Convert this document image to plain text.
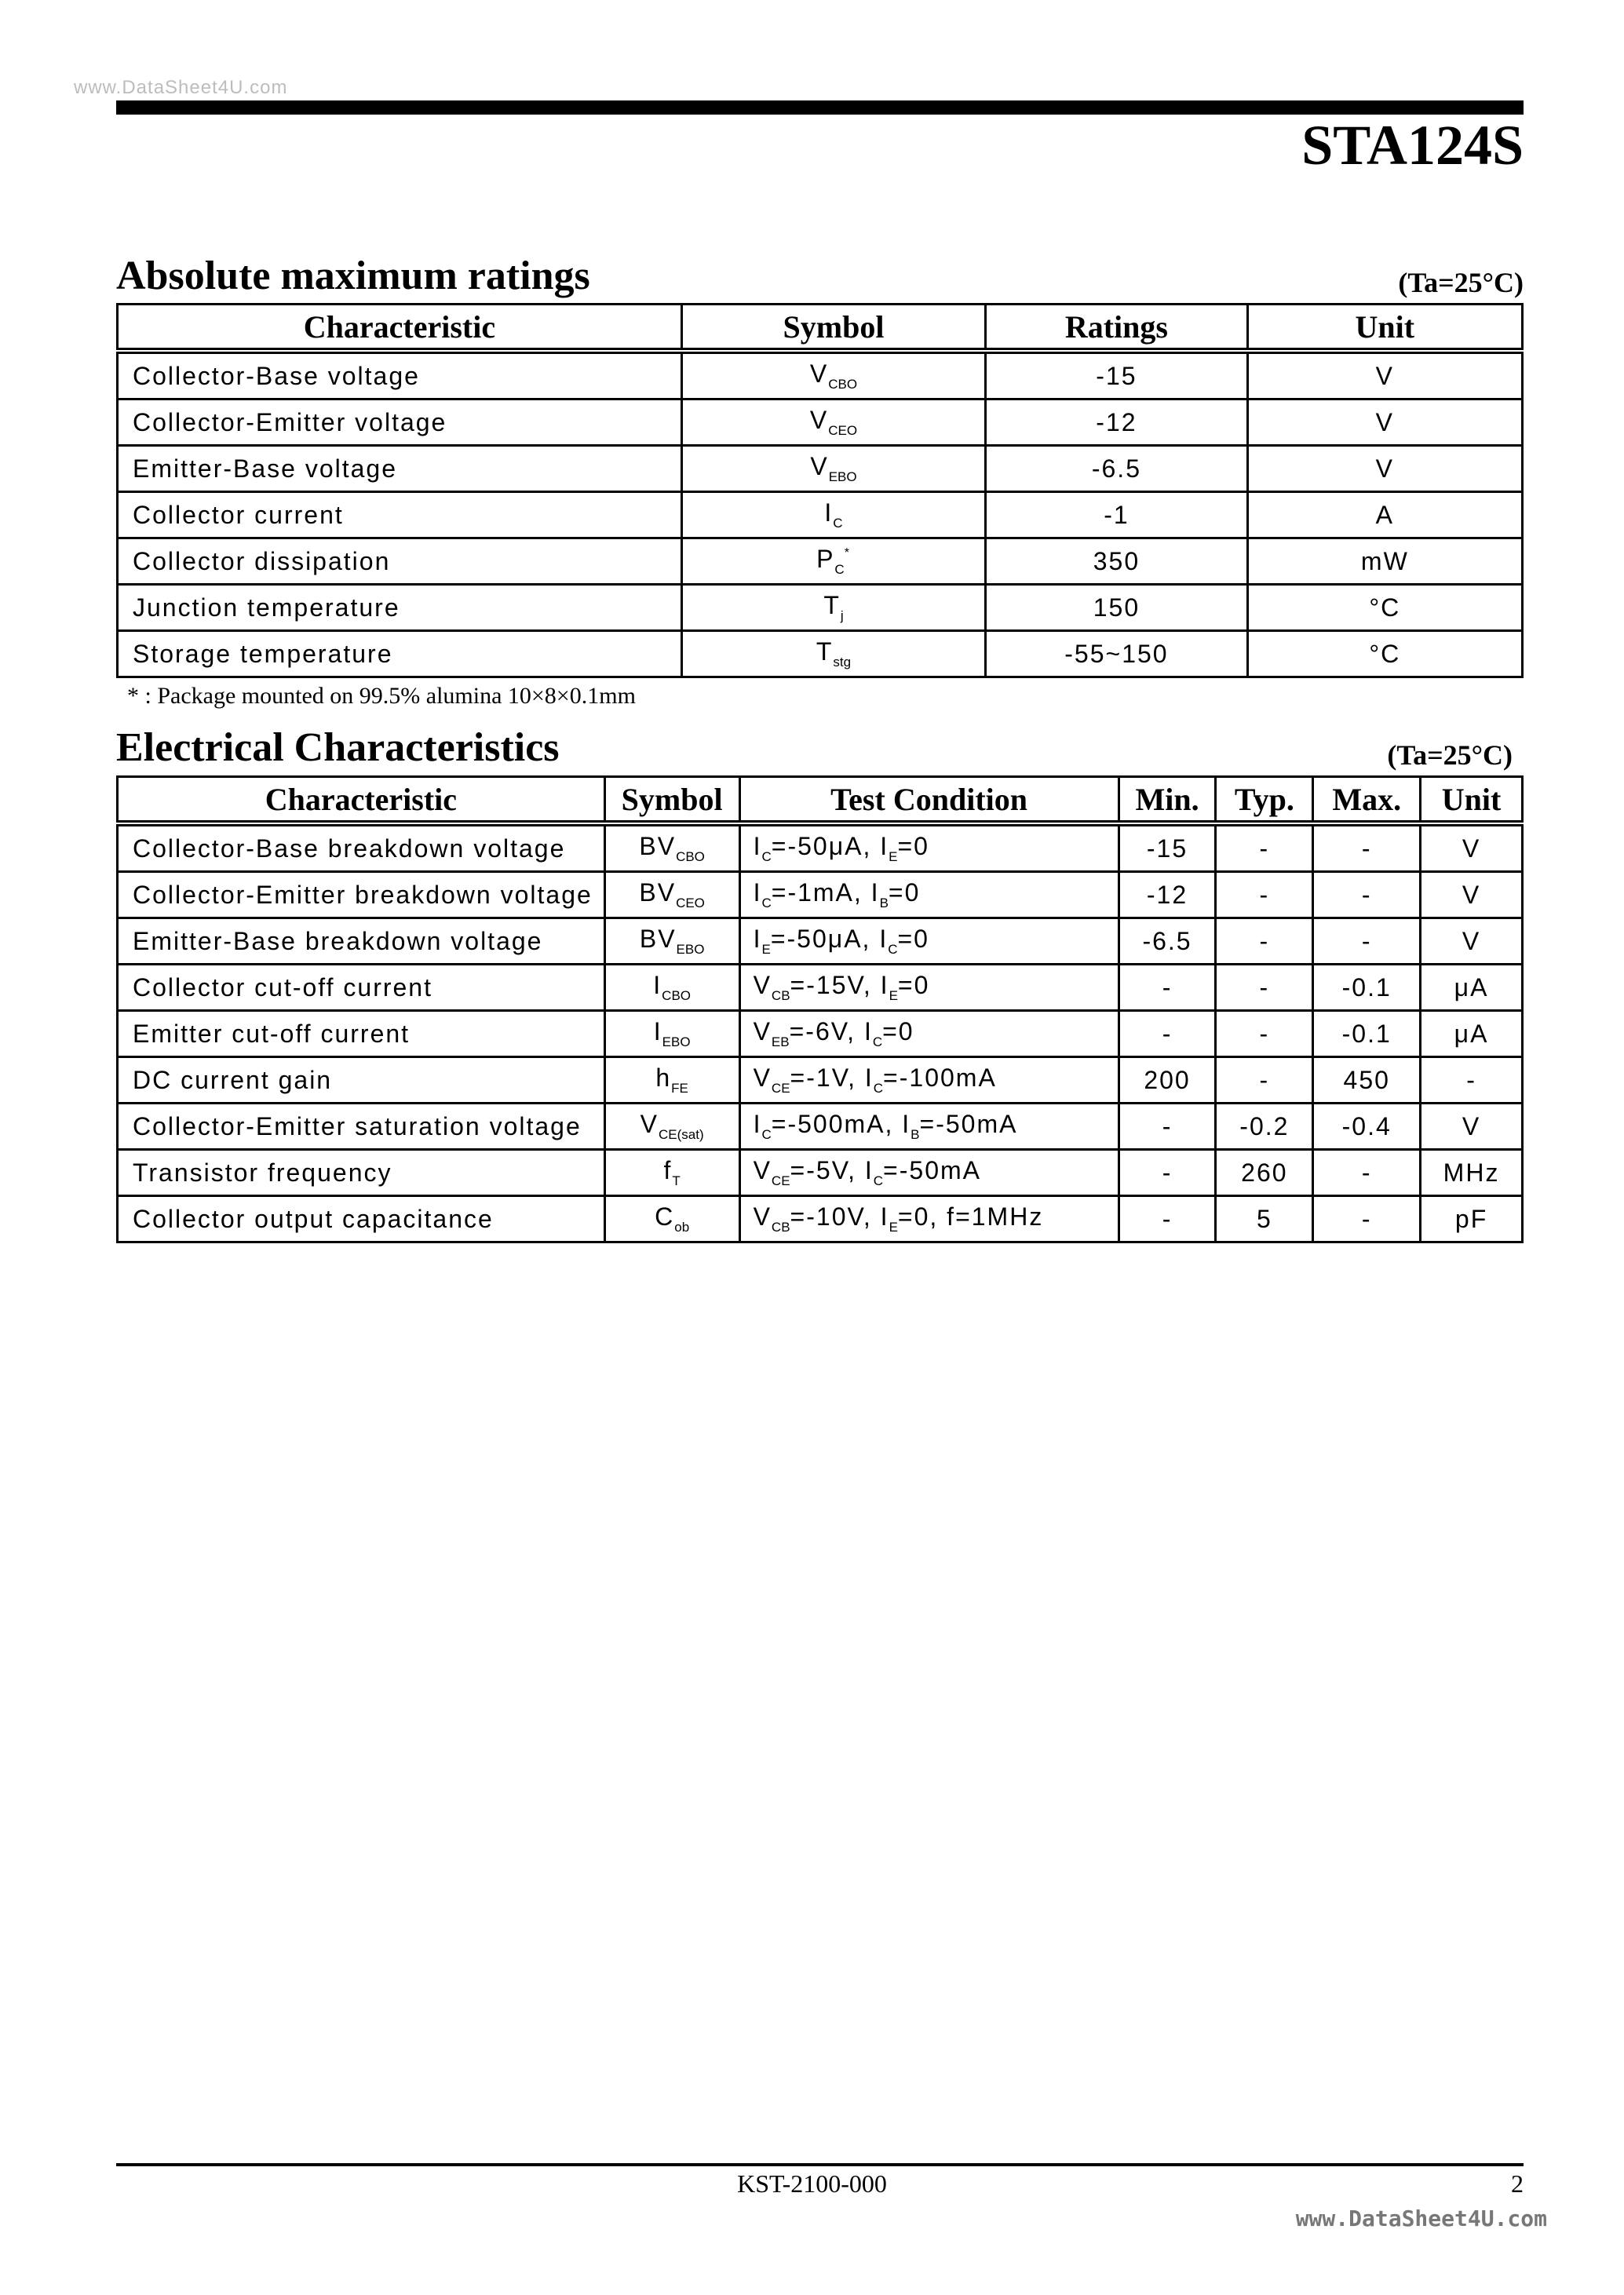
www.DataSheet4U.com
STA124S
Absolute maximum ratings	(Ta=25°C)
Characteristic	Symbol	Ratings	Unit
Collector-Base voltage	$V_{CBO}$	-15	V
Collector-Emitter voltage	$V_{CEO}$	-12	V
Emitter-Base voltage	$V_{EBO}$	-6.5	V
Collector current	$I_C$	-1	A
Collector dissipation	$P_C^*$	350	mW
Junction temperature	$T_j$	150	°C
Storage temperature	$T_{stg}$	-55~150	°C
* : Package mounted on 99.5% alumina 10×8×0.1mm
Electrical Characteristics	(Ta=25°C)
Characteristic	Symbol	Test Condition	Min.	Typ.	Max.	Unit
Collector-Base breakdown voltage	$BV_{CBO}$	$I_C=-50\mu A$, $I_E=0$	-15	-	-	V
Collector-Emitter breakdown voltage	$BV_{CEO}$	$I_C=-1mA$, $I_B=0$	-12	-	-	V
Emitter-Base breakdown voltage	$BV_{EBO}$	$I_E=-50\mu A$, $I_C=0$	-6.5	-	-	V
Collector cut-off current	$I_{CBO}$	$V_{CB}=-15V$, $I_E=0$	-	-	-0.1	μA
Emitter cut-off current	$I_{EBO}$	$V_{EB}=-6V$, $I_C=0$	-	-	-0.1	μA
DC current gain	$h_{FE}$	$V_{CE}=-1V$, $I_C=-100mA$	200	-	450	-
Collector-Emitter saturation voltage	$V_{CE(sat)}$	$I_C=-500mA$, $I_B=-50mA$	-	-0.2	-0.4	V
Transistor frequency	$f_T$	$V_{CE}=-5V$, $I_C=-50mA$	-	260	-	MHz
Collector output capacitance	$C_{ob}$	$V_{CB}=-10V$, $I_E=0$, f=1MHz	-	5	-	pF
KST-2100-000	2
www.DataSheet4U.com
